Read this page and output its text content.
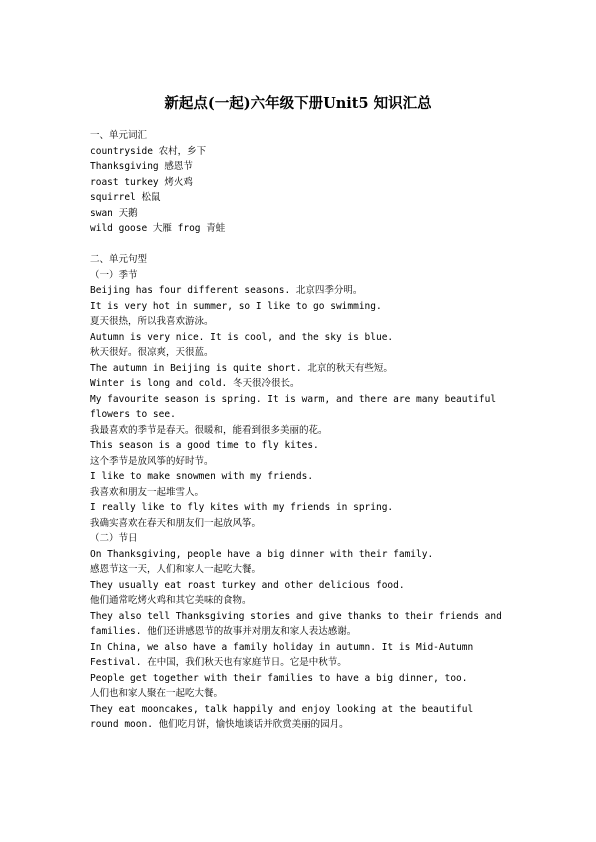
新起点(一起)六年级下册Unit5 知识汇总
一、单元词汇
countryside 农村，乡下
Thanksgiving 感恩节
roast turkey 烤火鸡
squirrel 松鼠
swan 天鹅
wild goose 大雁 frog 青蛙
二、单元句型
（一）季节
Beijing has four different seasons. 北京四季分明。
It is very hot in summer, so I like to go swimming.
夏天很热，所以我喜欢游泳。
Autumn is very nice. It is cool, and the sky is blue.
秋天很好。很凉爽，天很蓝。
The autumn in Beijing is quite short. 北京的秋天有些短。
Winter is long and cold. 冬天很冷很长。
My favourite season is spring. It is warm, and there are many beautiful
flowers to see.
我最喜欢的季节是春天。很暖和，能看到很多美丽的花。
This season is a good time to fly kites.
这个季节是放风筝的好时节。
I like to make snowmen with my friends.
我喜欢和朋友一起堆雪人。
I really like to fly kites with my friends in spring.
我确实喜欢在春天和朋友们一起放风筝。
（二）节日
On Thanksgiving, people have a big dinner with their family.
感恩节这一天，人们和家人一起吃大餐。
They usually eat roast turkey and other delicious food.
他们通常吃烤火鸡和其它美味的食物。
They also tell Thanksgiving stories and give thanks to their friends and
families. 他们还讲感恩节的故事并对朋友和家人表达感谢。
In China, we also have a family holiday in autumn. It is Mid-Autumn
Festival. 在中国，我们秋天也有家庭节日。它是中秋节。
People get together with their families to have a big dinner, too.
人们也和家人聚在一起吃大餐。
They eat mooncakes, talk happily and enjoy looking at the beautiful
round moon. 他们吃月饼，愉快地谈话并欣赏美丽的园月。
